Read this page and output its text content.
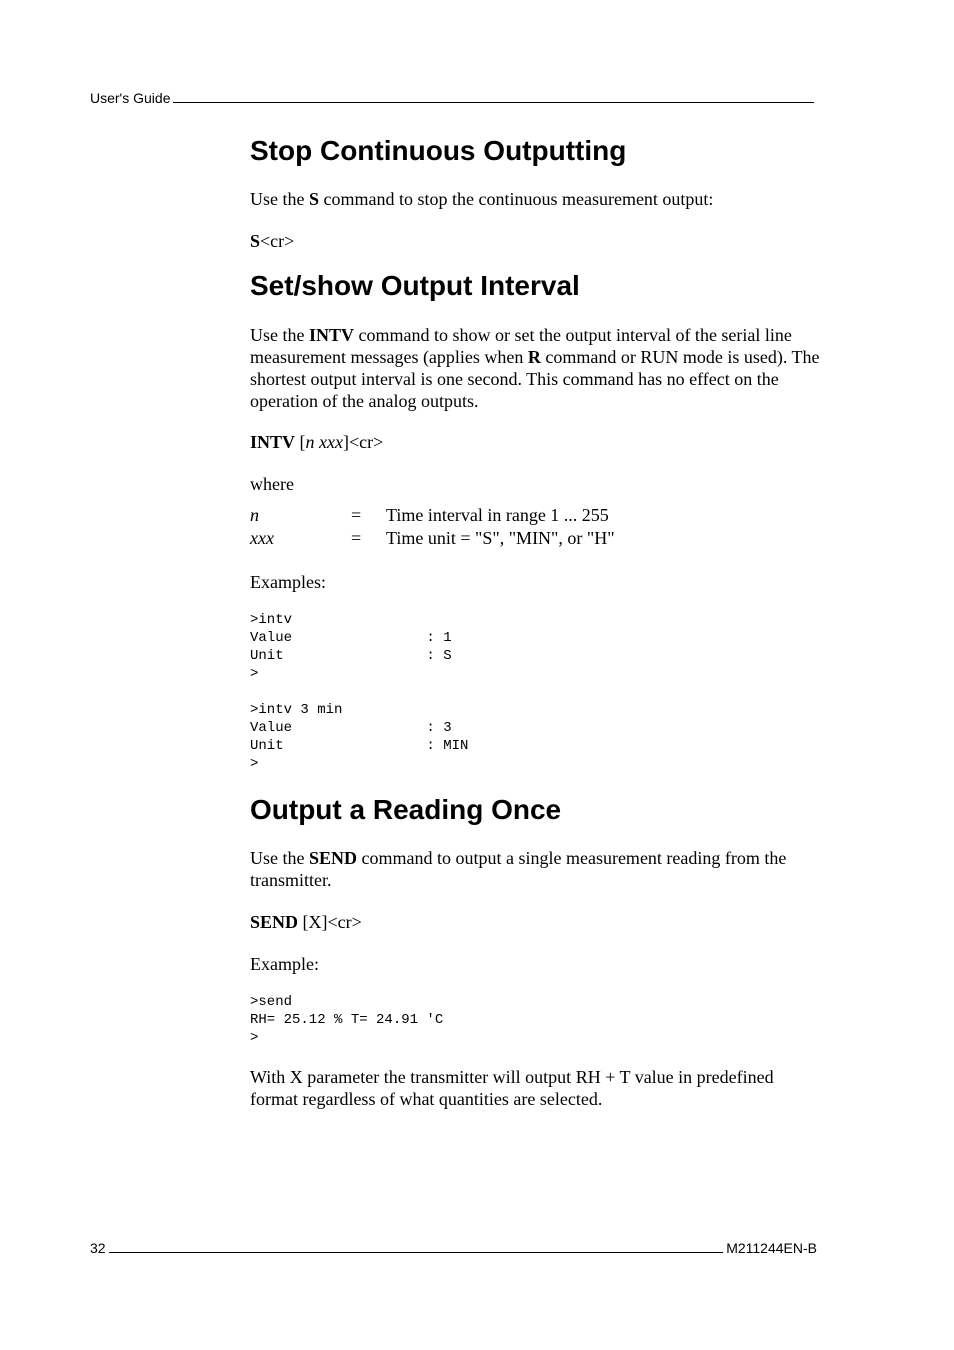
User's Guide
Stop Continuous Outputting

Use the S command to stop the continuous measurement output:

S<cr>

Set/show Output Interval

Use the INTV command to show or set the output interval of the serial line measurement messages (applies when R command or RUN mode is used). The shortest output interval is one second. This command has no effect on the operation of the analog outputs.

INTV [n xxx]<cr>

where

n	= Time interval in range 1 ... 255
xxx	= Time unit = "S", "MIN", or "H"

Examples:

>intv
Value                : 1
Unit                 : S
>

>intv 3 min
Value                : 3
Unit                 : MIN
>
Output a Reading Once

Use the SEND command to output a single measurement reading from the transmitter.

SEND [X]<cr>

Example:

>send
RH= 25.12 % T= 24.91 'C
>

With X parameter the transmitter will output RH + T value in predefined format regardless of what quantities are selected.

32	M211244EN-B
